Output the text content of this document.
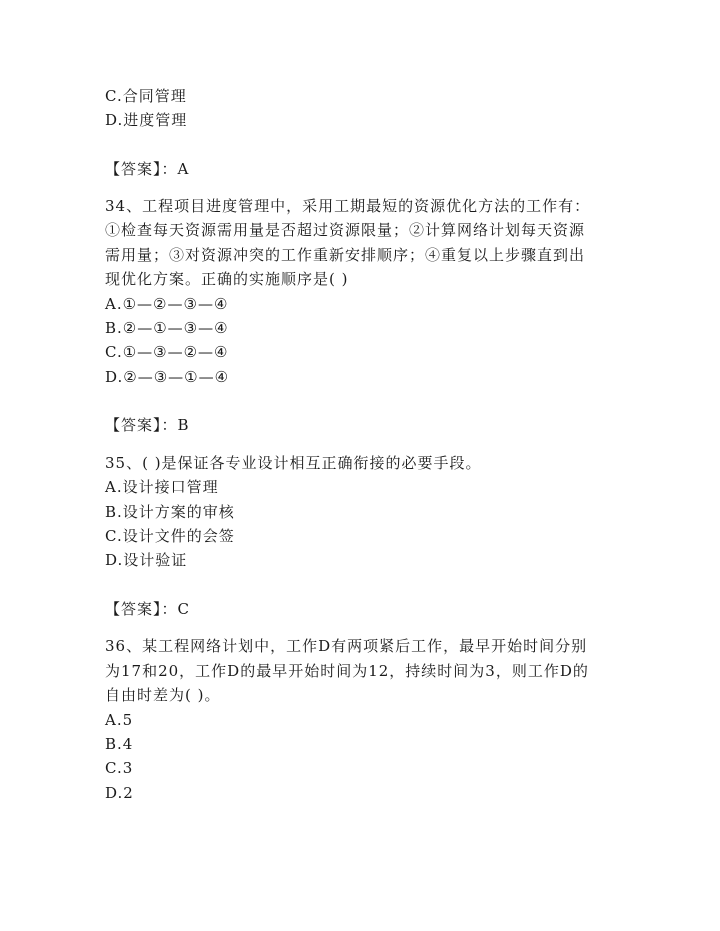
C.合同管理
D.进度管理
【答案】：A
34、工程项目进度管理中，采用工期最短的资源优化方法的工作有：
①检查每天资源需用量是否超过资源限量；②计算网络计划每天资源
需用量；③对资源冲突的工作重新安排顺序；④重复以上步骤直到出
现优化方案。正确的实施顺序是( )
A.①—②—③—④
B.②—①—③—④
C.①—③—②—④
D.②—③—①—④
【答案】：B
35、( )是保证各专业设计相互正确衔接的必要手段。
A.设计接口管理
B.设计方案的审核
C.设计文件的会签
D.设计验证
【答案】：C
36、某工程网络计划中，工作D有两项紧后工作，最早开始时间分别
为17和20，工作D的最早开始时间为12，持续时间为3，则工作D的
自由时差为( )。
A.5
B.4
C.3
D.2
